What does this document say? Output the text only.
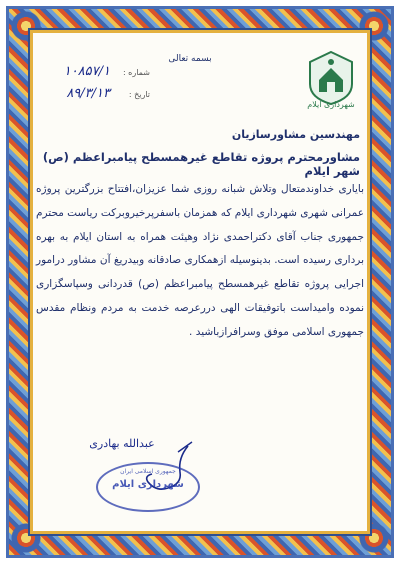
بسمه تعالی
شماره :
۱۰۸۵۷/۱
تاریخ :
۸۹/۳/۱۳
شهرداری ایلام
مهندسین مشاورسازیان
مشاورمحترم پروژه تقاطع غیرهمسطح پیامبراعظم (ص) شهر ایلام

باياری خداوندمتعال وتلاش شبانه روزی شما عزيزان،افتتاح بزرگترين پروژه عمرانی شهری شهرداری ايلام كه همزمان باسفرپرخيروبركت رياست محترم جمهوری جناب آقای دكتراحمدی نژاد وهيئت همراه به استان ايلام به بهره برداری رسيده است. بدينوسيله ازهمكاری صادقانه وبيدريغ آن مشاور درامور اجرايی پروژه تقاطع غيرهمسطح پيامبراعظم (ص) قدردانی وسپاسگزاری نموده واميداست باتوفيقات الهی دررعرصه خدمت به مردم ونظام مقدس جمهوری اسلامی موفق وسرافرازباشيد .

عبدالله بهادری
جمهوری اسلامی ایران
شهرداری ایلام
